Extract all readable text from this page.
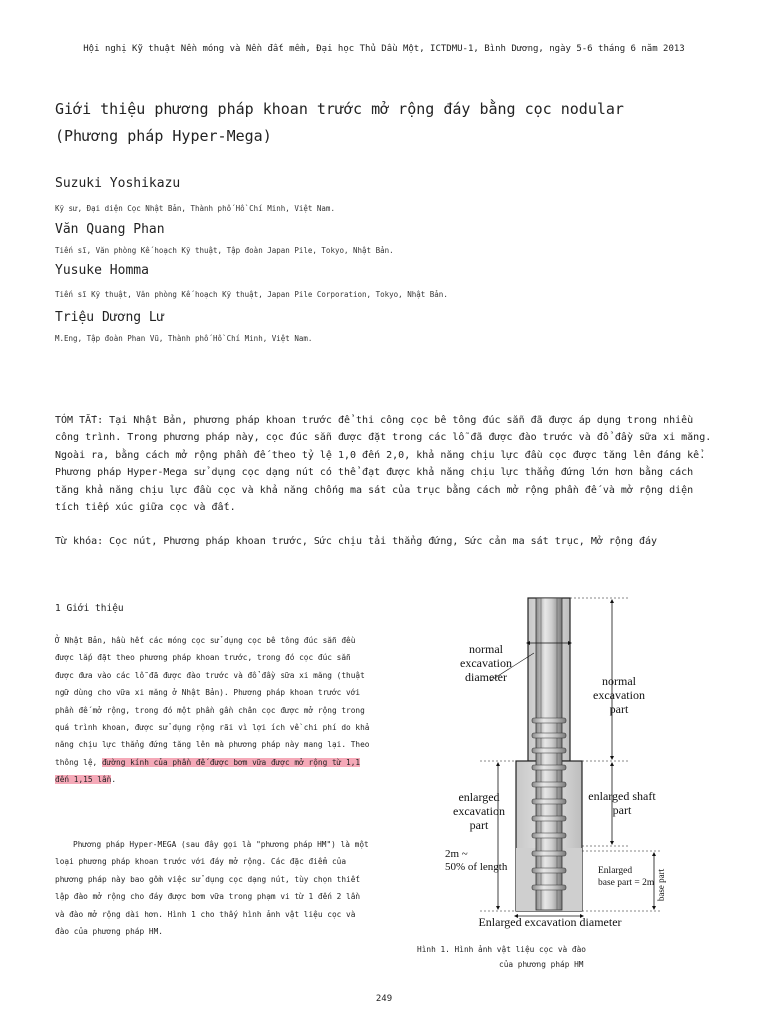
Hội nghị Kỹ thuật Nền móng và Nền đất mềm, Đại học Thủ Dầu Một, ICTDMU-1, Bình Dương, ngày 5-6 tháng 6 năm 2013
Giới thiệu phương pháp khoan trước mở rộng đáy bằng cọc nodular
(Phương pháp Hyper-Mega)
Suzuki Yoshikazu
Kỹ sư, Đại diện Cọc Nhật Bản, Thành phố Hồ Chí Minh, Việt Nam.
Văn Quang Phan
Tiến sĩ, Văn phòng Kế hoạch Kỹ thuật, Tập đoàn Japan Pile, Tokyo, Nhật Bản.
Yusuke Homma
Tiến sĩ Kỹ thuật, Văn phòng Kế hoạch Kỹ thuật, Japan Pile Corporation, Tokyo, Nhật Bản.
Triệu Dương Lư
M.Eng, Tập đoàn Phan Vũ, Thành phố Hồ Chí Minh, Việt Nam.
TÓM TẮT: Tại Nhật Bản, phương pháp khoan trước để thi công cọc bê tông đúc sẵn đã được áp dụng trong nhiều công trình. Trong phương pháp này, cọc đúc sẵn được đặt trong các lỗ đã được đào trước và đổ đầy sữa xi măng. Ngoài ra, bằng cách mở rộng phần đế theo tỷ lệ 1,0 đến 2,0, khả năng chịu lực đầu cọc được tăng lên đáng kể. Phương pháp Hyper-Mega sử dụng cọc dạng nút có thể đạt được khả năng chịu lực thẳng đứng lớn hơn bằng cách tăng khả năng chịu lực đầu cọc và khả năng chống ma sát của trục bằng cách mở rộng phần đế và mở rộng diện tích tiếp xúc giữa cọc và đất.
Từ khóa: Cọc nút, Phương pháp khoan trước, Sức chịu tải thẳng đứng, Sức cản ma sát trục, Mở rộng đáy
1 Giới thiệu
Ở Nhật Bản, hầu hết các móng cọc sử dụng cọc bê tông đúc sẵn đều được lắp đặt theo phương pháp khoan trước, trong đó cọc đúc sẵn được đưa vào các lỗ đã được đào trước và đổ đầy sữa xi măng (thuật ngữ dùng cho vữa xi măng ở Nhật Bản). Phương pháp khoan trước với phần đế mở rộng, trong đó một phần gần chân cọc được mở rộng trong quá trình khoan, được sử dụng rộng rãi vì lợi ích về chi phí do khả năng chịu lực thẳng đứng tăng lên mà phương pháp này mang lại. Theo thông lệ, đường kính của phần đế được bơm vữa được mở rộng từ 1,1 đến 1,15 lần.
Phương pháp Hyper-MEGA (sau đây gọi là "phương pháp HM") là một loại phương pháp khoan trước với đáy mở rộng. Các đặc điểm của phương pháp này bao gồm việc sử dụng cọc dạng nút, tùy chọn thiết lập đào mở rộng cho đáy được bơm vữa trong phạm vi từ 1 đến 2 lần và đào mở rộng dài hơn. Hình 1 cho thấy hình ảnh vật liệu cọc và đào của phương pháp HM.
normal
excavation
diameter	normal
excavation
part
enlarged
excavation
part
enlarged shaft
part
2m ~
50% of length	Enlarged
base part = 2m base part
Enlarged excavation diameter
Hình 1. Hình ảnh vật liệu cọc và đào
của phương pháp HM
249
